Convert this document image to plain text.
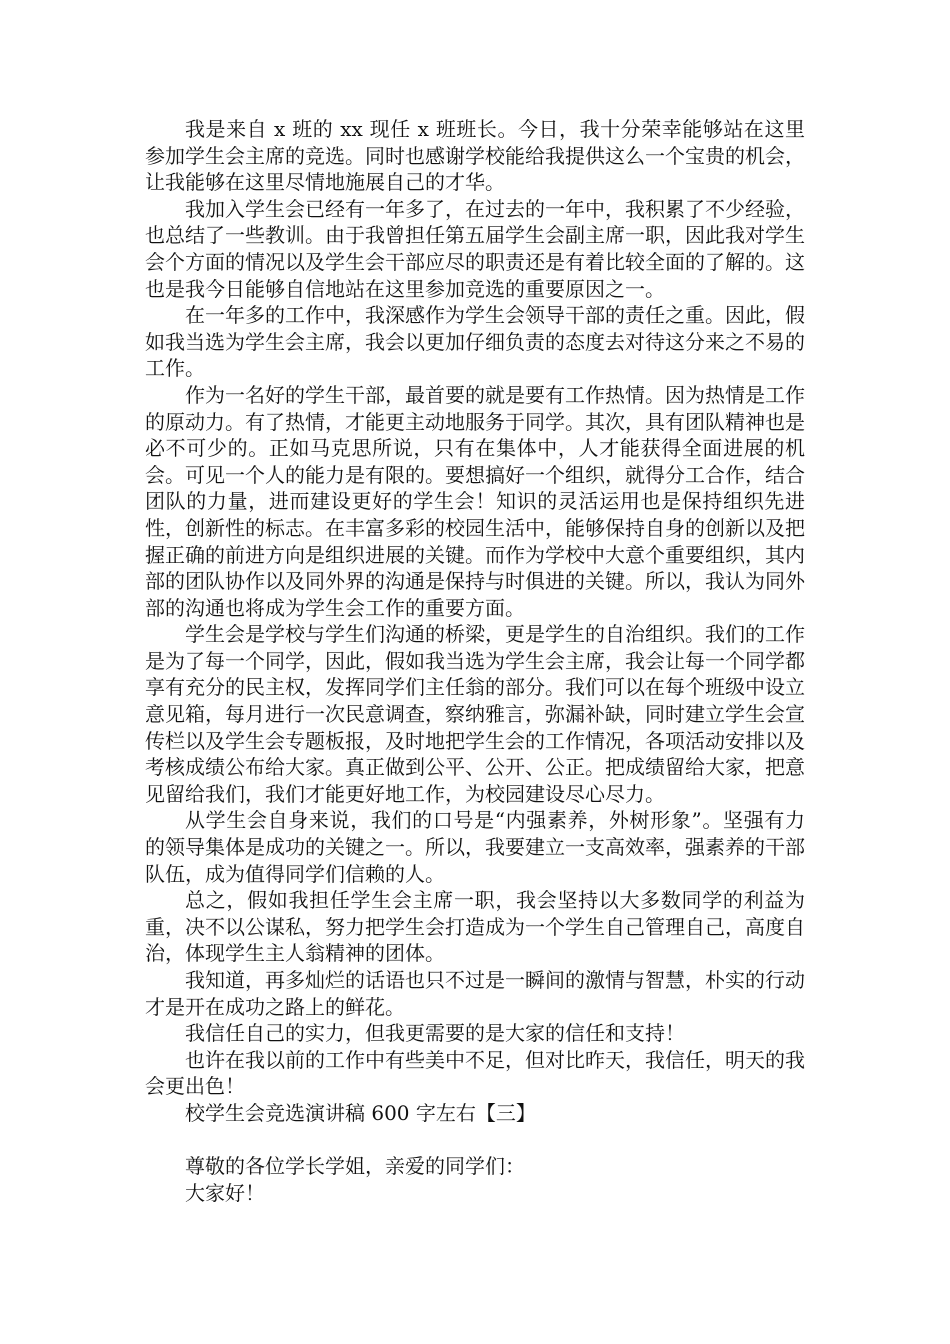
我是来自 x 班的 xx 现任 x 班班长。今日，我十分荣幸能够站在这里参加学生会主席的竞选。同时也感谢学校能给我提供这么一个宝贵的机会，让我能够在这里尽情地施展自己的才华。

我加入学生会已经有一年多了，在过去的一年中，我积累了不少经验，也总结了一些教训。由于我曾担任第五届学生会副主席一职，因此我对学生会个方面的情况以及学生会干部应尽的职责还是有着比较全面的了解的。这也是我今日能够自信地站在这里参加竞选的重要原因之一。

在一年多的工作中，我深感作为学生会领导干部的责任之重。因此，假如我当选为学生会主席，我会以更加仔细负责的态度去对待这分来之不易的工作。

作为一名好的学生干部，最首要的就是要有工作热情。因为热情是工作的原动力。有了热情，才能更主动地服务于同学。其次，具有团队精神也是必不可少的。正如马克思所说，只有在集体中，人才能获得全面进展的机会。可见一个人的能力是有限的。要想搞好一个组织，就得分工合作，结合团队的力量，进而建设更好的学生会！知识的灵活运用也是保持组织先进性，创新性的标志。在丰富多彩的校园生活中，能够保持自身的创新以及把握正确的前进方向是组织进展的关键。而作为学校中大意个重要组织，其内部的团队协作以及同外界的沟通是保持与时俱进的关键。所以，我认为同外部的沟通也将成为学生会工作的重要方面。

学生会是学校与学生们沟通的桥梁，更是学生的自治组织。我们的工作是为了每一个同学，因此，假如我当选为学生会主席，我会让每一个同学都享有充分的民主权，发挥同学们主任翁的部分。我们可以在每个班级中设立意见箱，每月进行一次民意调查，察纳雅言，弥漏补缺，同时建立学生会宣传栏以及学生会专题板报，及时地把学生会的工作情况，各项活动安排以及考核成绩公布给大家。真正做到公平、公开、公正。把成绩留给大家，把意见留给我们，我们才能更好地工作，为校园建设尽心尽力。

从学生会自身来说，我们的口号是“内强素养，外树形象”。坚强有力的领导集体是成功的关键之一。所以，我要建立一支高效率，强素养的干部队伍，成为值得同学们信赖的人。

总之，假如我担任学生会主席一职，我会坚持以大多数同学的利益为重，决不以公谋私，努力把学生会打造成为一个学生自己管理自己，高度自治，体现学生主人翁精神的团体。

我知道，再多灿烂的话语也只不过是一瞬间的激情与智慧，朴实的行动才是开在成功之路上的鲜花。

我信任自己的实力，但我更需要的是大家的信任和支持！

也许在我以前的工作中有些美中不足，但对比昨天，我信任，明天的我会更出色！

校学生会竞选演讲稿 600 字左右【三】

尊敬的各位学长学姐，亲爱的同学们：

大家好！
